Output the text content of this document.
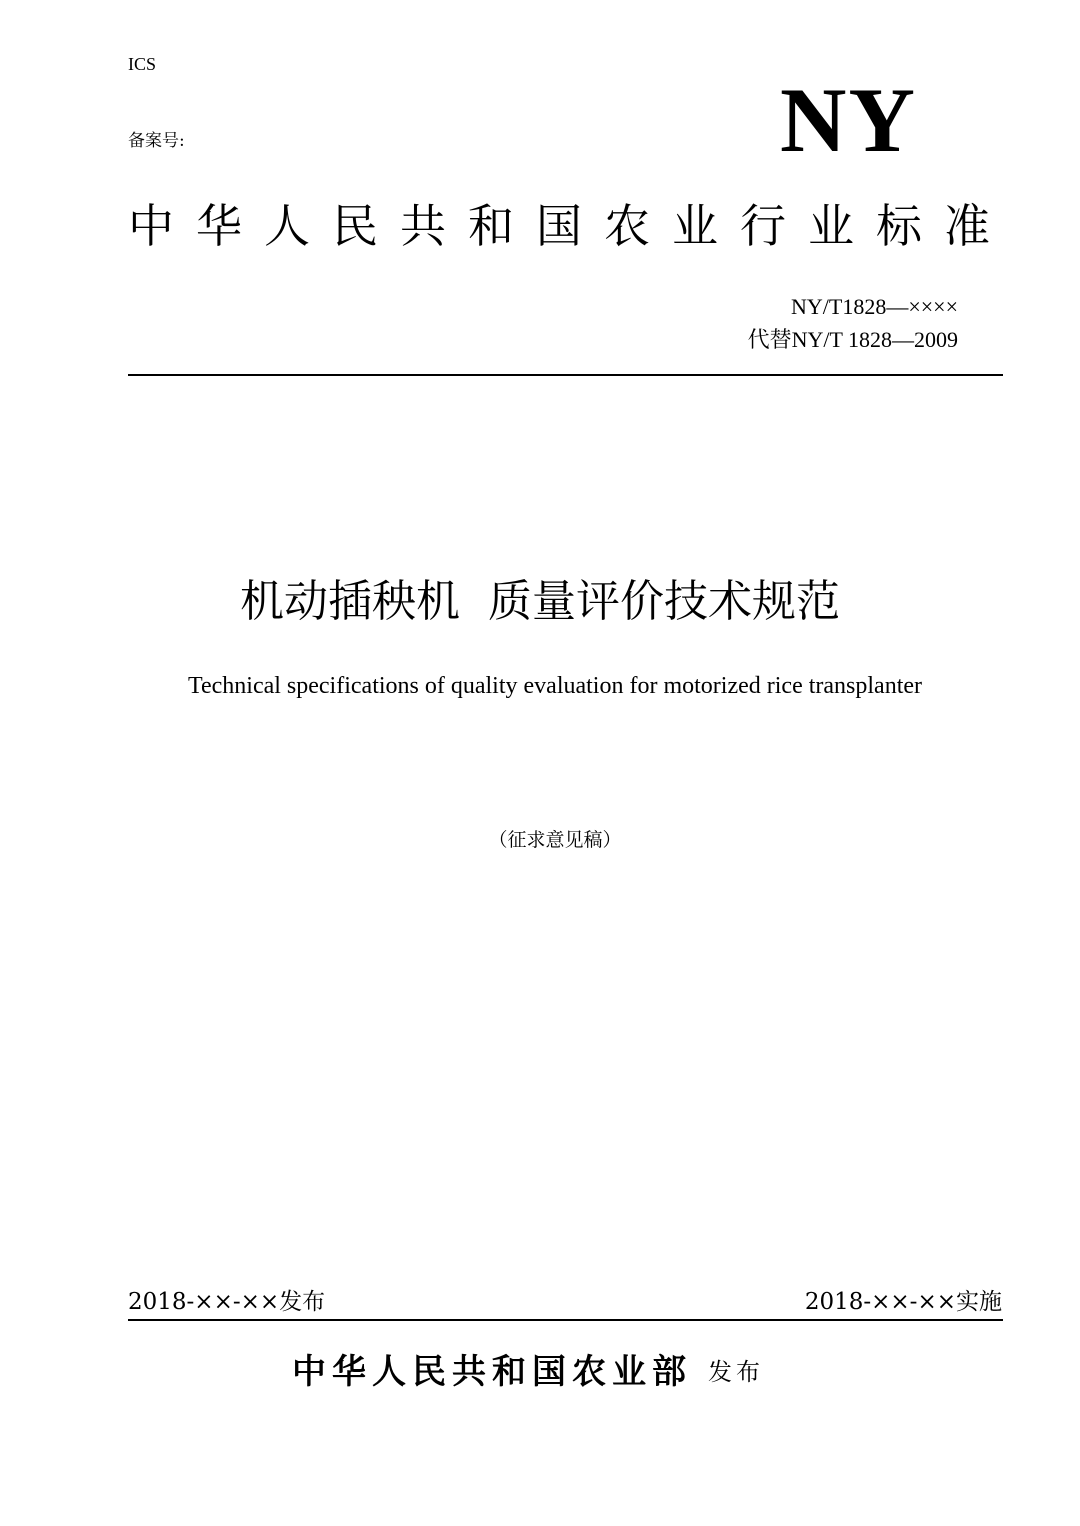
ICS
备案号:	NY
中华人民共和国农业行业标准
NY/T1828—××××
代替NY/T 1828—2009
机动插秧机 质量评价技术规范
Technical specifications of quality evaluation for motorized rice transplanter
（征求意见稿）
2018-××-××发布	2018-××-××实施
中华人民共和国农业部 发布
